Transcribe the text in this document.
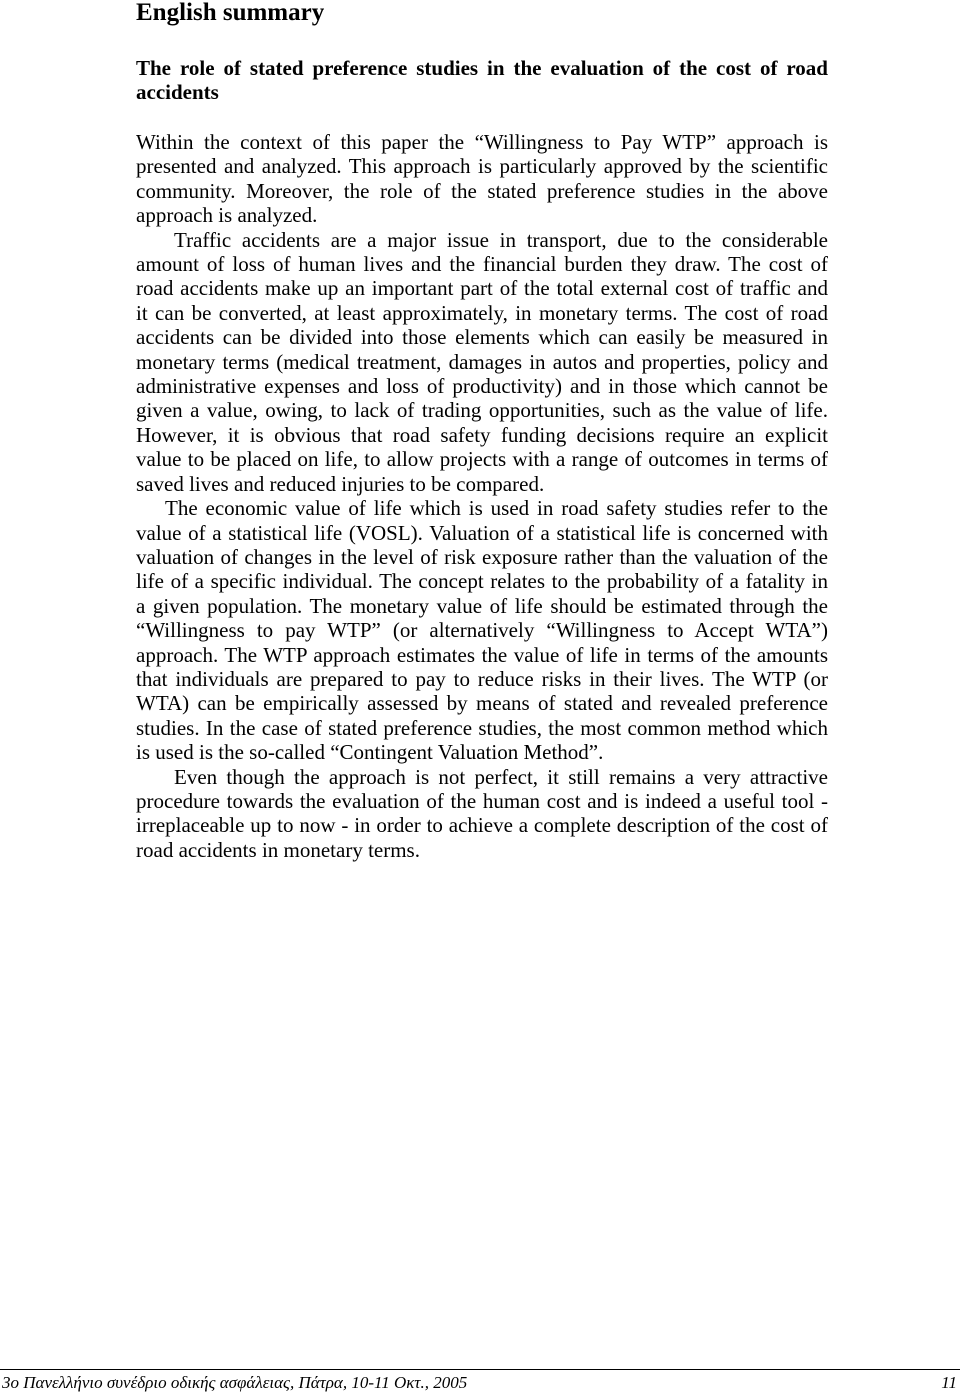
English summary
The role of stated preference studies in the evaluation of the cost of road
accidents
Within the context of this paper the “Willingness to Pay WTP” approach is
presented and analyzed. This approach is particularly approved by the scientific
community. Moreover, the role of the stated preference studies in the above
approach is analyzed.
Traffic accidents are a major issue in transport, due to the considerable
amount of loss of human lives and the financial burden they draw. The cost of
road accidents make up an important part of the total external cost of traffic and
it can be converted, at least approximately, in monetary terms. The cost of road
accidents can be divided into those elements which can easily be measured in
monetary terms (medical treatment, damages in autos and properties, policy and
administrative expenses and loss of productivity) and in those which cannot be
given a value, owing, to lack of trading opportunities, such as the value of life.
However, it is obvious that road safety funding decisions require an explicit
value to be placed on life, to allow projects with a range of outcomes in terms of
saved lives and reduced injuries to be compared.
The economic value of life which is used in road safety studies refer to the
value of a statistical life (VOSL). Valuation of a statistical life is concerned with
valuation of changes in the level of risk exposure rather than the valuation of the
life of a specific individual. The concept relates to the probability of a fatality in
a given population. The monetary value of life should be estimated through the
“Willingness to pay WTP” (or alternatively “Willingness to Accept WTA”)
approach. The WTP approach estimates the value of life in terms of the amounts
that individuals are prepared to pay to reduce risks in their lives. The WTP (or
WTA) can be empirically assessed by means of stated and revealed preference
studies. In the case of stated preference studies, the most common method which
is used is the so-called “Contingent Valuation Method”.
Even though the approach is not perfect, it still remains a very attractive
procedure towards the evaluation of the human cost and is indeed a useful tool -
irreplaceable up to now - in order to achieve a complete description of the cost of
road accidents in monetary terms.
3ο Πανελλήνιο συνέδριο οδικής ασφάλειας, Πάτρα, 10-11 Οκτ., 2005	11
